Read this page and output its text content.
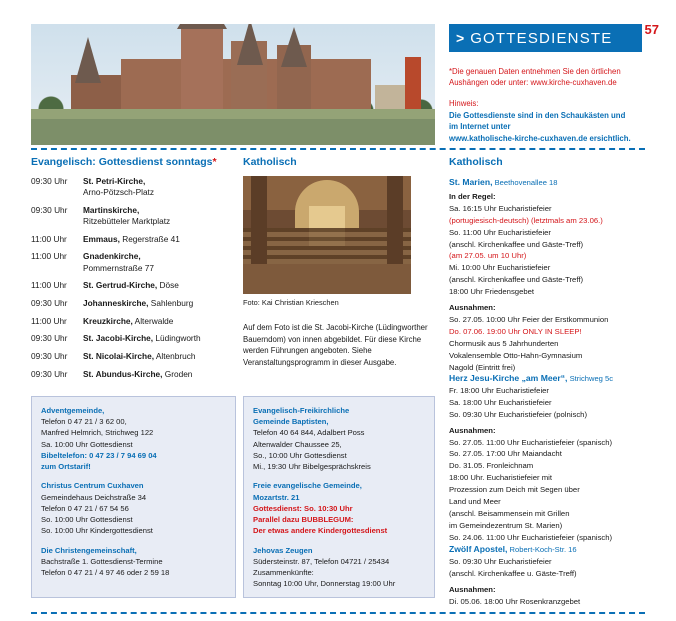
> GOTTESDIENSTE 57
*Die genauen Daten entnehmen Sie den örtlichen Aushängen oder unter: www.kirche-cuxhaven.de
Hinweis:
Die Gottesdienste sind in den Schaukästen und
im Internet unter
www.katholische-kirche-cuxhaven.de ersichtlich.
Evangelisch: Gottesdienst sonntags*	Katholisch	Katholisch
09:30 Uhr	St. Petri-Kirche,
Arno-Pötzsch-Platz
09:30 Uhr	Martinskirche,
Ritzebütteler Marktplatz
11:00 Uhr	Emmaus, Regerstraße 41
11:00 Uhr	Gnadenkirche,
Pommernstraße 77
11:00 Uhr	St. Gertrud-Kirche, Döse
09:30 Uhr	Johanneskirche, Sahlenburg
11:00 Uhr	Kreuzkirche, Alterwalde
09:30 Uhr	St. Jacobi-Kirche, Lüdingworth
09:30 Uhr	St. Nicolai-Kirche, Altenbruch
09:30 Uhr	St. Abundus-Kirche, Groden
Foto: Kai Christian Krieschen
Auf dem Foto ist die St. Jacobi-Kirche (Lüdingworther Bauerndom) von innen abgebildet. Für diese Kirche werden Führungen angeboten. Siehe Veranstaltungsprogramm in dieser Ausgabe.
St. Marien, Beethovenallee 18
In der Regel:
Sa. 16:15 Uhr Eucharistiefeier
(portugiesisch-deutsch) (letztmals am 23.06.)
So. 11:00 Uhr Eucharistiefeier
(anschl. Kirchenkaffee und Gäste-Treff)
(am 27.05. um 10 Uhr)
Mi. 10:00 Uhr Eucharistiefeier
(anschl. Kirchenkaffee und Gäste-Treff)
18:00 Uhr Friedensgebet
Ausnahmen:
So. 27.05. 10:00 Uhr Feier der Erstkommunion
Do. 07.06. 19:00 Uhr ONLY IN SLEEP!
Chormusik aus 5 Jahrhunderten
Vokalensemble Otto-Hahn-Gymnasium
Nagold (Eintritt frei)
Herz Jesu-Kirche „am Meer“, Strichweg 5c
Fr. 18:00 Uhr Eucharistiefeier
Sa. 18:00 Uhr Eucharistiefeier
So. 09:30 Uhr Eucharistiefeier (polnisch)
Ausnahmen:
So. 27.05. 11:00 Uhr Eucharistiefeier (spanisch)
So. 27.05. 17:00 Uhr Maiandacht
Do. 31.05. Fronleichnam
18:00 Uhr. Eucharistiefeier mit
Prozession zum Deich mit Segen über
Land und Meer
(anschl. Beisammensein mit Grillen
im Gemeindezentrum St. Marien)
So. 24.06. 11:00 Uhr Eucharistiefeier (spanisch)
Zwölf Apostel, Robert-Koch-Str. 16
So. 09:30 Uhr Eucharistiefeier
(anschl. Kirchenkaffee u. Gäste-Treff)
Ausnahmen:
Di. 05.06. 18:00 Uhr Rosenkranzgebet
Adventgemeinde,
Telefon 0 47 21 / 3 62 00,
Manfred Helmrich, Strichweg 122
Sa. 10:00 Uhr Gottesdienst
Bibeltelefon: 0 47 23 / 7 94 69 04
zum Ortstarif!
Christus Centrum Cuxhaven
Gemeindehaus Deichstraße 34
Telefon 0 47 21 / 67 54 56
So. 10:00 Uhr Gottesdienst
So. 10:00 Uhr Kindergottesdienst
Die Christengemeinschaft,
Bachstraße 1. Gottesdienst-Termine
Telefon 0 47 21 / 4 97 46 oder 2 59 18
Evangelisch-Freikirchliche
Gemeinde Baptisten,
Telefon 40 64 844, Adalbert Poss
Altenwalder Chaussee 25,
So., 10:00 Uhr Gottesdienst
Mi., 19:30 Uhr Bibelgesprächskreis
Freie evangelische Gemeinde,
Mozartstr. 21
Gottesdienst: So. 10:30 Uhr
Parallel dazu BUBBLEGUM:
Der etwas andere Kindergottesdienst
Jehovas Zeugen
Südersteinstr. 87, Telefon 04721 / 25434
Zusammenkünfte:
Sonntag 10:00 Uhr, Donnerstag 19:00 Uhr
